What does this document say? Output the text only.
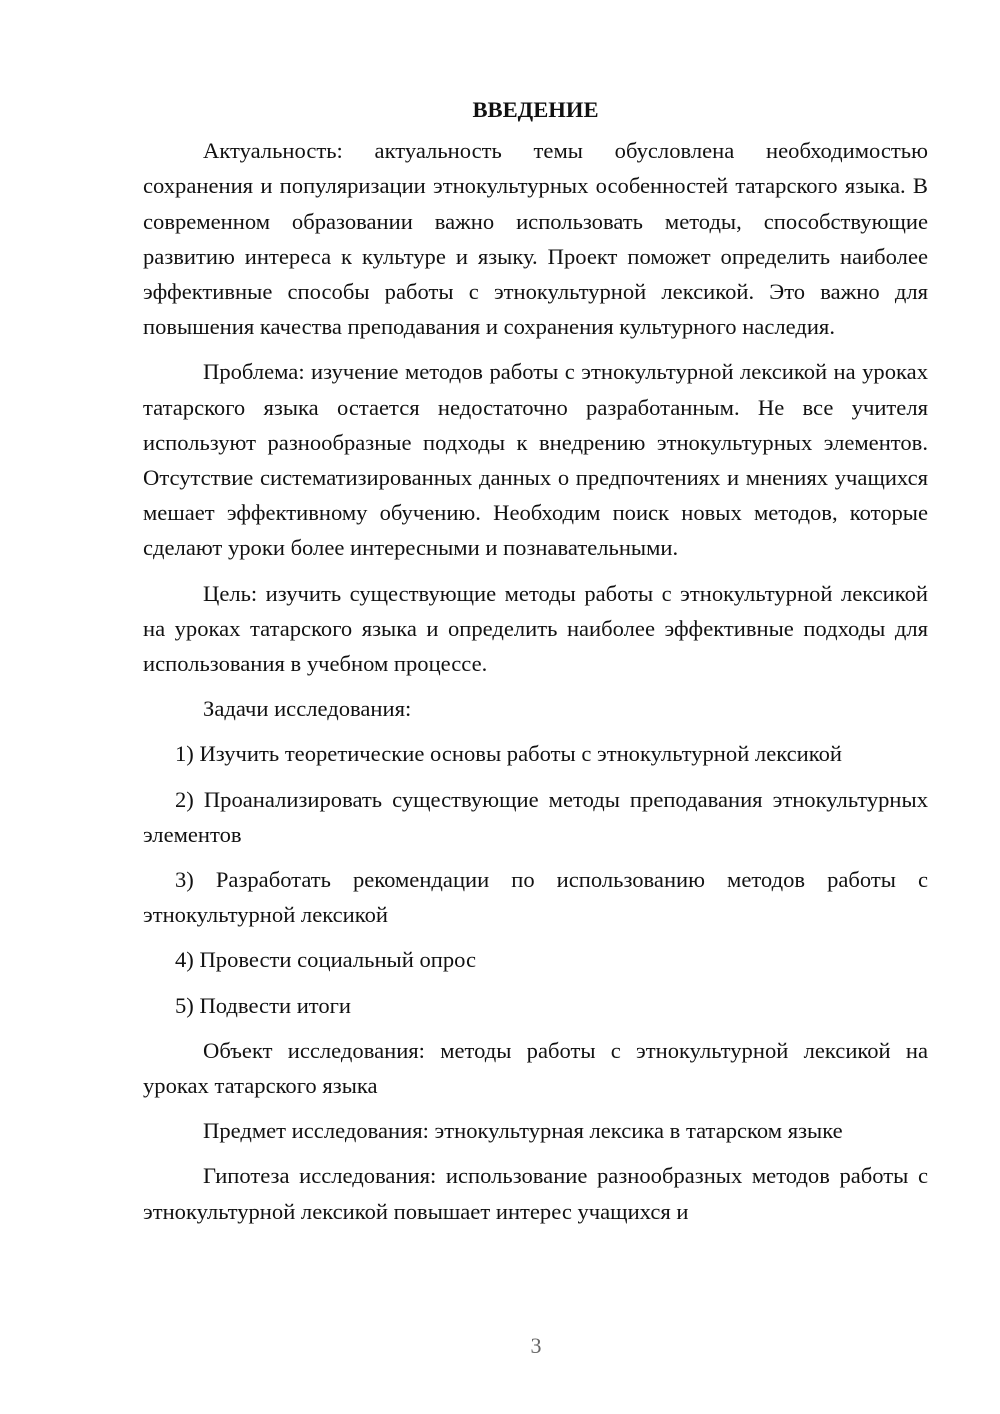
ВВЕДЕНИЕ

Актуальность: актуальность темы обусловлена необходимостью сохранения и популяризации этнокультурных особенностей татарского языка. В современном образовании важно использовать методы, способствующие развитию интереса к культуре и языку. Проект поможет определить наиболее эффективные способы работы с этнокультурной лексикой. Это важно для повышения качества преподавания и сохранения культурного наследия.

Проблема: изучение методов работы с этнокультурной лексикой на уроках татарского языка остается недостаточно разработанным. Не все учителя используют разнообразные подходы к внедрению этнокультурных элементов. Отсутствие систематизированных данных о предпочтениях и мнениях учащихся мешает эффективному обучению. Необходим поиск новых методов, которые сделают уроки более интересными и познавательными.

Цель: изучить существующие методы работы с этнокультурной лексикой на уроках татарского языка и определить наиболее эффективные подходы для использования в учебном процессе.

Задачи исследования:

1) Изучить теоретические основы работы с этнокультурной лексикой
2) Проанализировать существующие методы преподавания этнокультурных элементов
3) Разработать рекомендации по использованию методов работы с этнокультурной лексикой
4) Провести социальный опрос
5) Подвести итоги

Объект исследования: методы работы с этнокультурной лексикой на уроках татарского языка

Предмет исследования: этнокультурная лексика в татарском языке

Гипотеза исследования: использование разнообразных методов работы с этнокультурной лексикой повышает интерес учащихся и

3
